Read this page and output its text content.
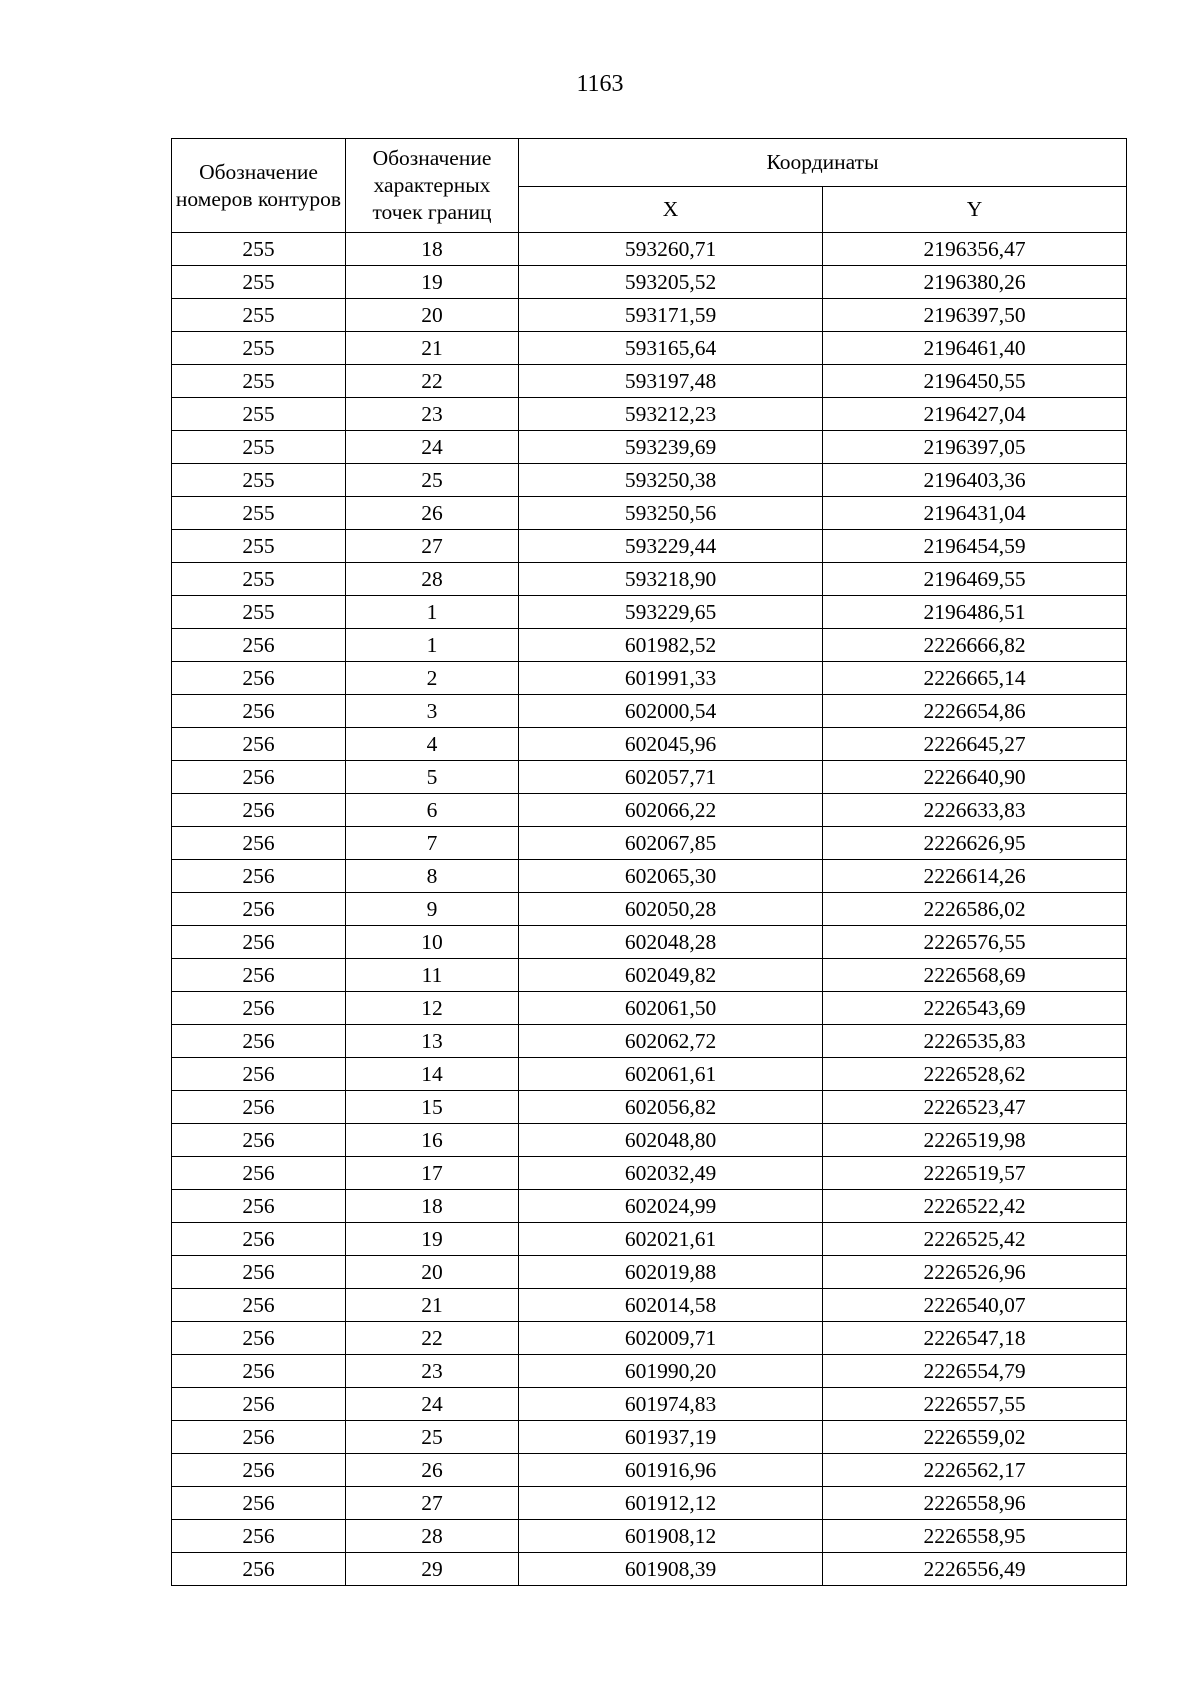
1163
Обозначение номеров контуров	Обозначение характерных точек границ	Координаты	
		X	Y
255	18	593260,71	2196356,47
255	19	593205,52	2196380,26
255	20	593171,59	2196397,50
255	21	593165,64	2196461,40
255	22	593197,48	2196450,55
255	23	593212,23	2196427,04
255	24	593239,69	2196397,05
255	25	593250,38	2196403,36
255	26	593250,56	2196431,04
255	27	593229,44	2196454,59
255	28	593218,90	2196469,55
255	1	593229,65	2196486,51
256	1	601982,52	2226666,82
256	2	601991,33	2226665,14
256	3	602000,54	2226654,86
256	4	602045,96	2226645,27
256	5	602057,71	2226640,90
256	6	602066,22	2226633,83
256	7	602067,85	2226626,95
256	8	602065,30	2226614,26
256	9	602050,28	2226586,02
256	10	602048,28	2226576,55
256	11	602049,82	2226568,69
256	12	602061,50	2226543,69
256	13	602062,72	2226535,83
256	14	602061,61	2226528,62
256	15	602056,82	2226523,47
256	16	602048,80	2226519,98
256	17	602032,49	2226519,57
256	18	602024,99	2226522,42
256	19	602021,61	2226525,42
256	20	602019,88	2226526,96
256	21	602014,58	2226540,07
256	22	602009,71	2226547,18
256	23	601990,20	2226554,79
256	24	601974,83	2226557,55
256	25	601937,19	2226559,02
256	26	601916,96	2226562,17
256	27	601912,12	2226558,96
256	28	601908,12	2226558,95
256	29	601908,39	2226556,49
